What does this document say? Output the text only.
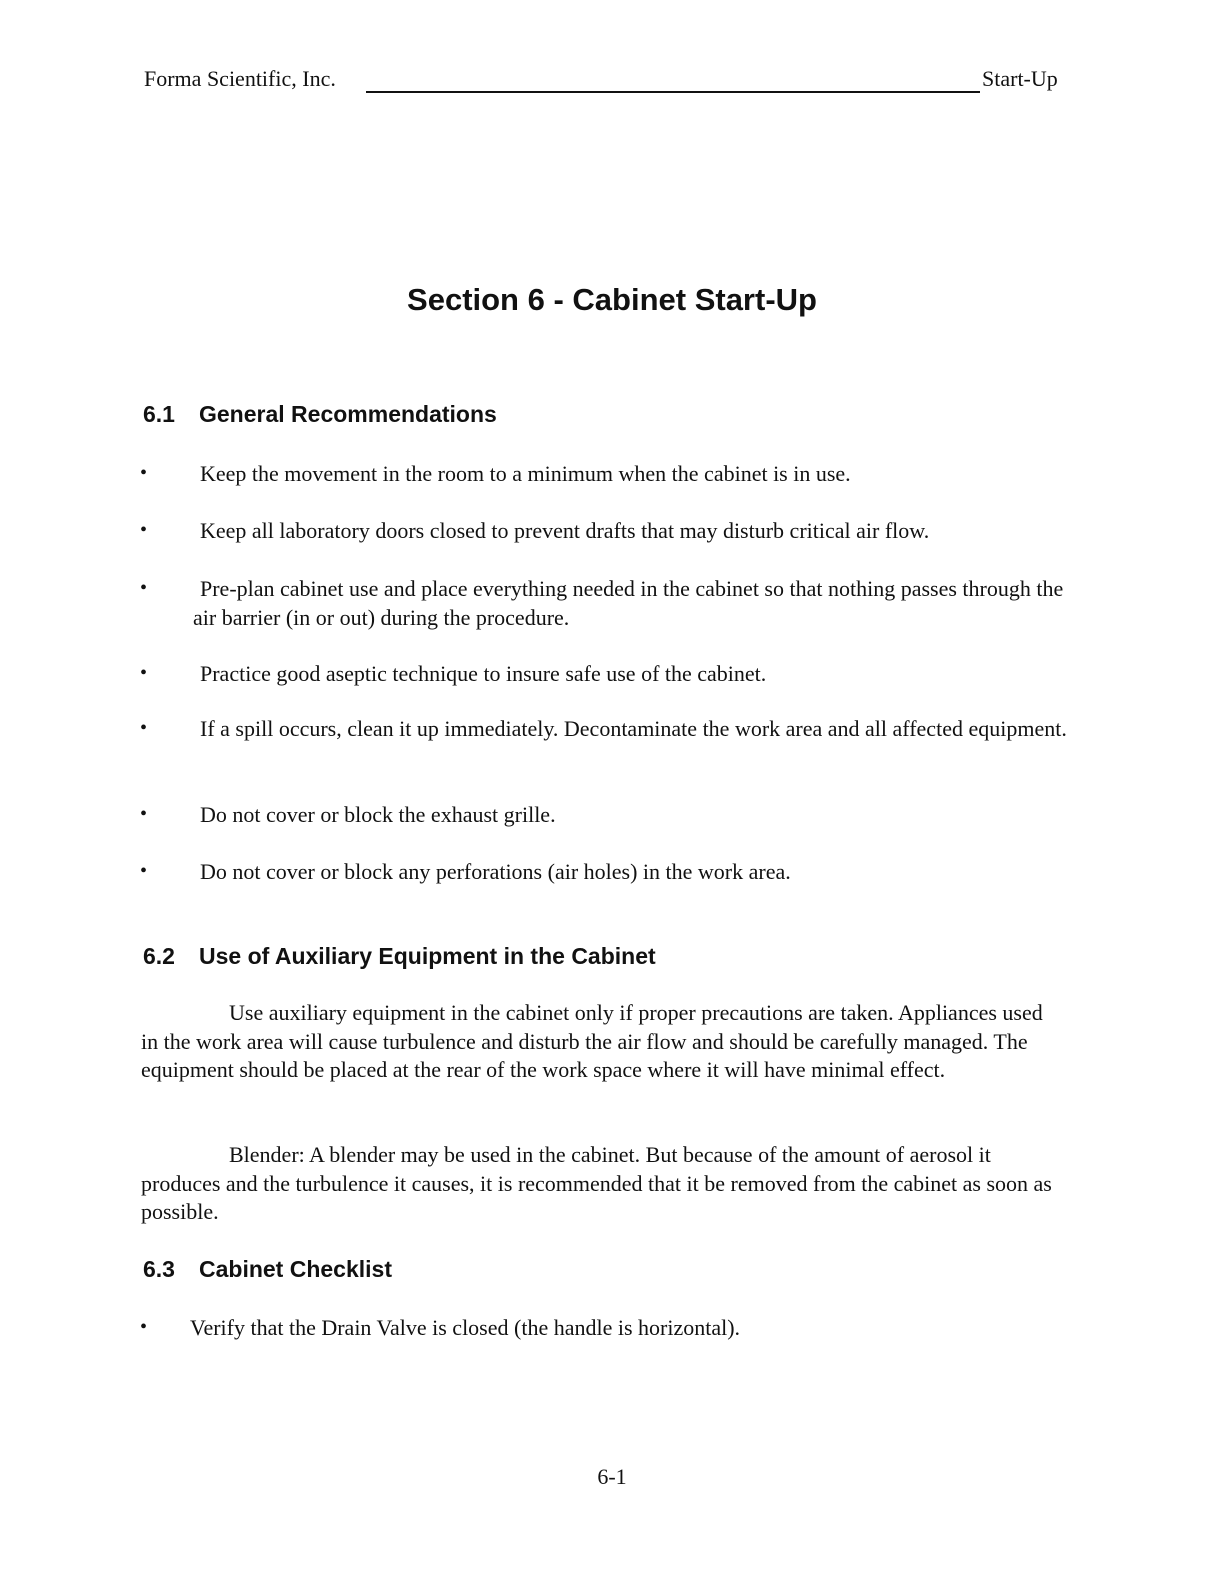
Forma Scientific, Inc.	Start-Up
Section 6 - Cabinet Start-Up
6.1 General Recommendations
•	Keep the movement in the room to a minimum when the cabinet is in use.
•	Keep all laboratory doors closed to prevent drafts that may disturb critical air flow.
•	Pre-plan cabinet use and place everything needed in the cabinet so that nothing passes through the air barrier (in or out) during the procedure.
•	Practice good aseptic technique to insure safe use of the cabinet.
•	If a spill occurs, clean it up immediately. Decontaminate the work area and all affected equipment.
•	Do not cover or block the exhaust grille.
•	Do not cover or block any perforations (air holes) in the work area.
6.2 Use of Auxiliary Equipment in the Cabinet
Use auxiliary equipment in the cabinet only if proper precautions are taken. Appliances used in the work area will cause turbulence and disturb the air flow and should be carefully managed. The equipment should be placed at the rear of the work space where it will have minimal effect.
Blender: A blender may be used in the cabinet. But because of the amount of aerosol it produces and the turbulence it causes, it is recommended that it be removed from the cabinet as soon as possible.
6.3 Cabinet Checklist
•	Verify that the Drain Valve is closed (the handle is horizontal).
6-1
